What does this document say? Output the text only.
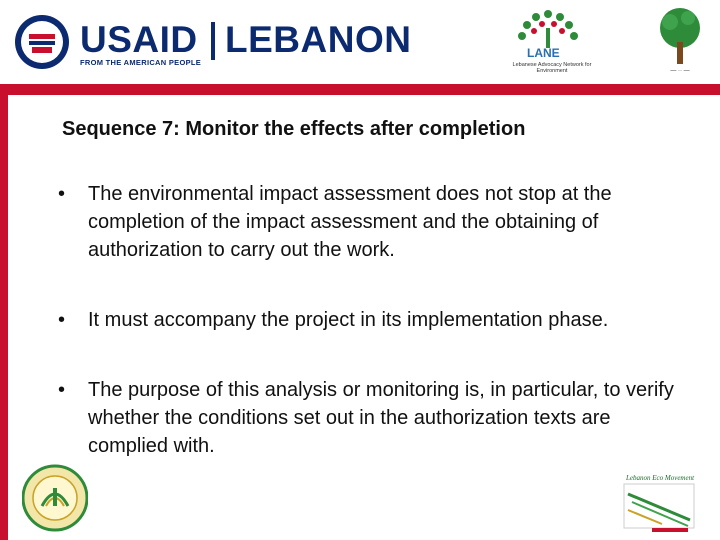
USAID LEBANON
FROM THE AMERICAN PEOPLE
LANE
Lebanese Advocacy Network for Environment	— ·· —
Sequence 7: Monitor the effects after completion
• The environmental impact assessment does not stop at the completion of the impact assessment and the obtaining of authorization to carry out the work.
• It must accompany the project in its implementation phase.
• The purpose of this analysis or monitoring is, in particular, to verify whether the conditions set out in the authorization texts are complied with.
Lebanon Eco Movement
